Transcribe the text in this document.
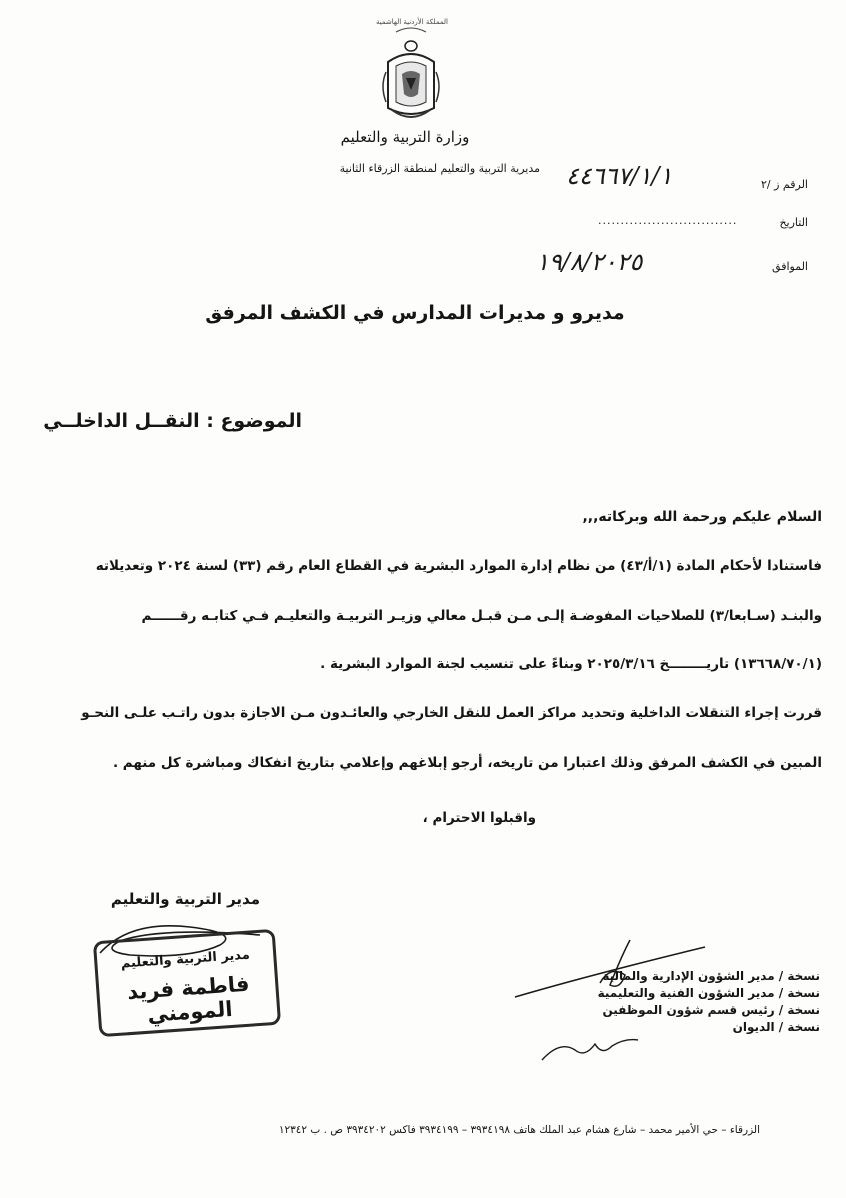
المملكة الأردنية الهاشمية
وزارة التربية والتعليم
مديرية التربية والتعليم لمنطقة الزرقاء الثانية
الرقم ز /٢
٤٤٦٦٧/١/١
التاريخ
...............................
الموافق
١٩/٨/٢٠٢٥
مديرو و مديرات المدارس في الكشف المرفق
الموضوع : النقــل الداخلــي
السلام عليكم ورحمة الله وبركاته,,,
فاستنادا لأحكام المادة (١/أ/٤٣) من نظام إدارة الموارد البشرية في القطاع العام رقم (٣٣) لسنة ٢٠٢٤ وتعديلاته
والبنـد (سـابعا/٣) للصلاحيات المفوضـة إلـى مـن قبـل معالي وزيـر التربيـة والتعليـم فـي كتابـه رقــــــم
(١٣٦٦٨/٧٠/١) تاريــــــــخ ٢٠٢٥/٣/١٦ وبناءً على تنسيب لجنة الموارد البشرية .
قررت إجراء التنقلات الداخلية وتحديد مراكز العمل للنقل الخارجي والعائـدون مـن الاجازة بدون راتـب علـى النحـو
المبين في الكشف المرفق وذلك اعتبارا من تاريخه، أرجو إبلاغهم وإعلامي بتاريخ انفكاك ومباشرة كل منهم .
واقبلوا الاحترام ،
مدير التربية والتعليم
مدير التربية والتعليم
فاطمة فريد المومني
نسخة / مدير الشؤون الإدارية والمالية
نسخة / مدير الشؤون الفنية والتعليمية
نسخة / رئيس قسم شؤون الموظفين
نسخة / الديوان
الزرقاء – حي الأمير محمد – شارع هشام عبد الملك هاتف ٣٩٣٤١٩٨ – ٣٩٣٤١٩٩ فاكس ٣٩٣٤٢٠٢ ص . ب ١٢٣٤٢
